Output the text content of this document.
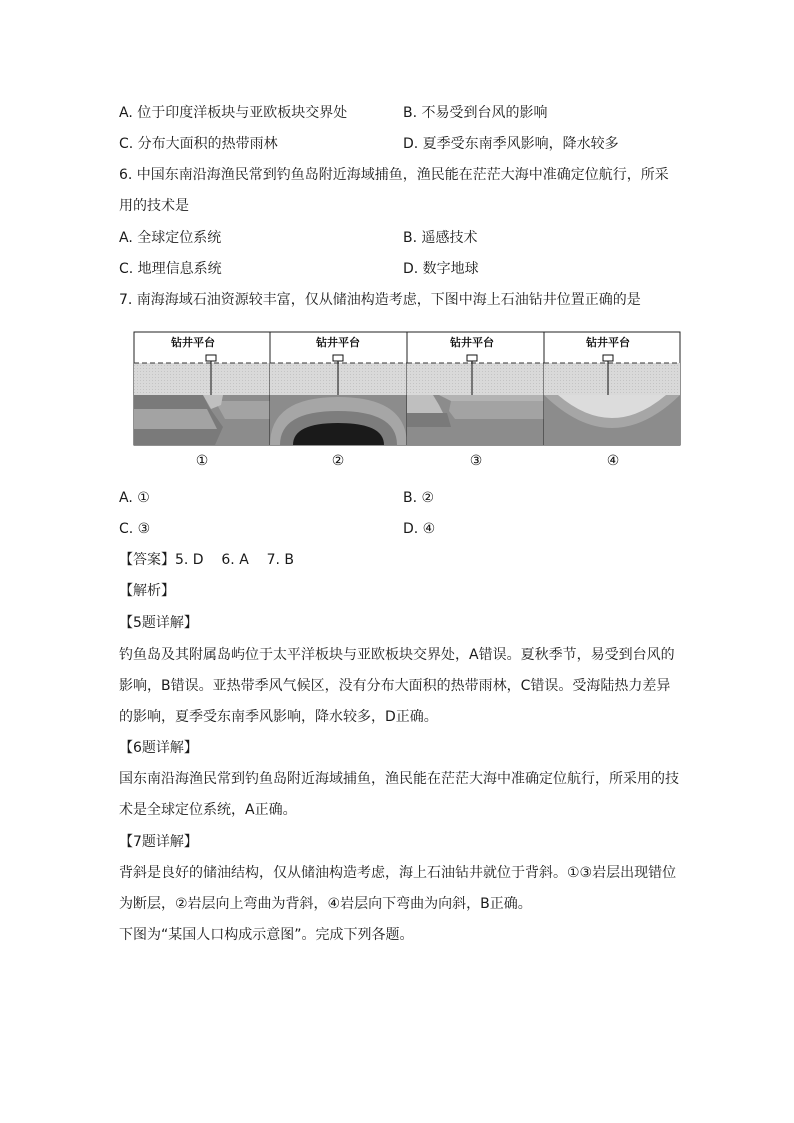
A. 位于印度洋板块与亚欧板块交界处	B. 不易受到台风的影响
C. 分布大面积的热带雨林	D. 夏季受东南季风影响，降水较多
6. 中国东南沿海渔民常到钓鱼岛附近海域捕鱼，渔民能在茫茫大海中准确定位航行，所采
用的技术是
A. 全球定位系统	B. 遥感技术
C. 地理信息系统	D. 数字地球
7. 南海海域石油资源较丰富，仅从储油构造考虑，下图中海上石油钻井位置正确的是
钻井平台	钻井平台	钻井平台	钻井平台
①	②	③	④
A. ①	B. ②
C. ③	D. ④
【答案】5. D    6. A    7. B
【解析】
【5题详解】
钓鱼岛及其附属岛屿位于太平洋板块与亚欧板块交界处，A错误。夏秋季节，易受到台风的
影响，B错误。亚热带季风气候区，没有分布大面积的热带雨林，C错误。受海陆热力差异
的影响，夏季受东南季风影响，降水较多，D正确。
【6题详解】
国东南沿海渔民常到钓鱼岛附近海域捕鱼，渔民能在茫茫大海中准确定位航行，所采用的技
术是全球定位系统，A正确。
【7题详解】
背斜是良好的储油结构，仅从储油构造考虑，海上石油钻井就位于背斜。①③岩层出现错位
为断层，②岩层向上弯曲为背斜，④岩层向下弯曲为向斜，B正确。
下图为“某国人口构成示意图”。完成下列各题。
